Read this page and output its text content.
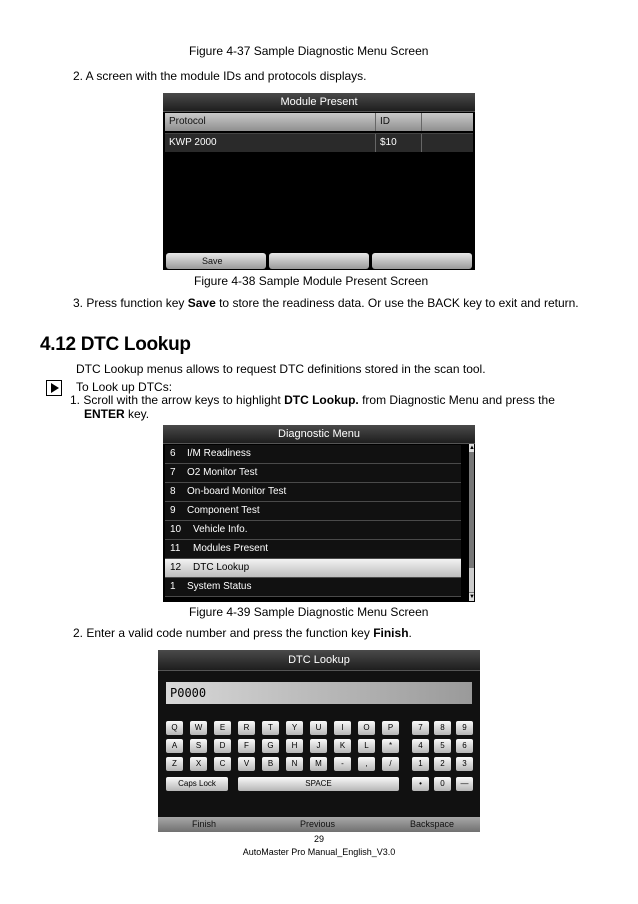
Figure 4-37 Sample Diagnostic Menu Screen
2. A screen with the module IDs and protocols displays.
Module Present
Protocol	ID
KWP 2000	$10
Save
Figure 4-38 Sample Module Present Screen
3. Press function key Save to store the readiness data. Or use the BACK key to exit and return.
4.12 DTC Lookup
DTC Lookup menus allows to request DTC definitions stored in the scan tool.
To Look up DTCs:
1. Scroll with the arrow keys to highlight DTC Lookup. from Diagnostic Menu and press the
ENTER key.
Diagnostic Menu
6 I/M Readiness
7 O2 Monitor Test
8 On-board Monitor Test
9 Component Test
10 Vehicle Info.
11 Modules Present
12 DTC Lookup
1 System Status
▲
▼
Figure 4-39 Sample Diagnostic Menu Screen
2. Enter a valid code number and press the function key Finish.
DTC Lookup
P0000
Q	W	E	R	T	Y	U	I	O	P	7	8	9
A	S	D	F	G	H	J	K	L	*	4	5	6
Z	X	C	V	B	N	M	-	,	/	1	2	3
Caps Lock	SPACE	•	0	—
Finish	Previous	Backspace
29
AutoMaster Pro Manual_English_V3.0
